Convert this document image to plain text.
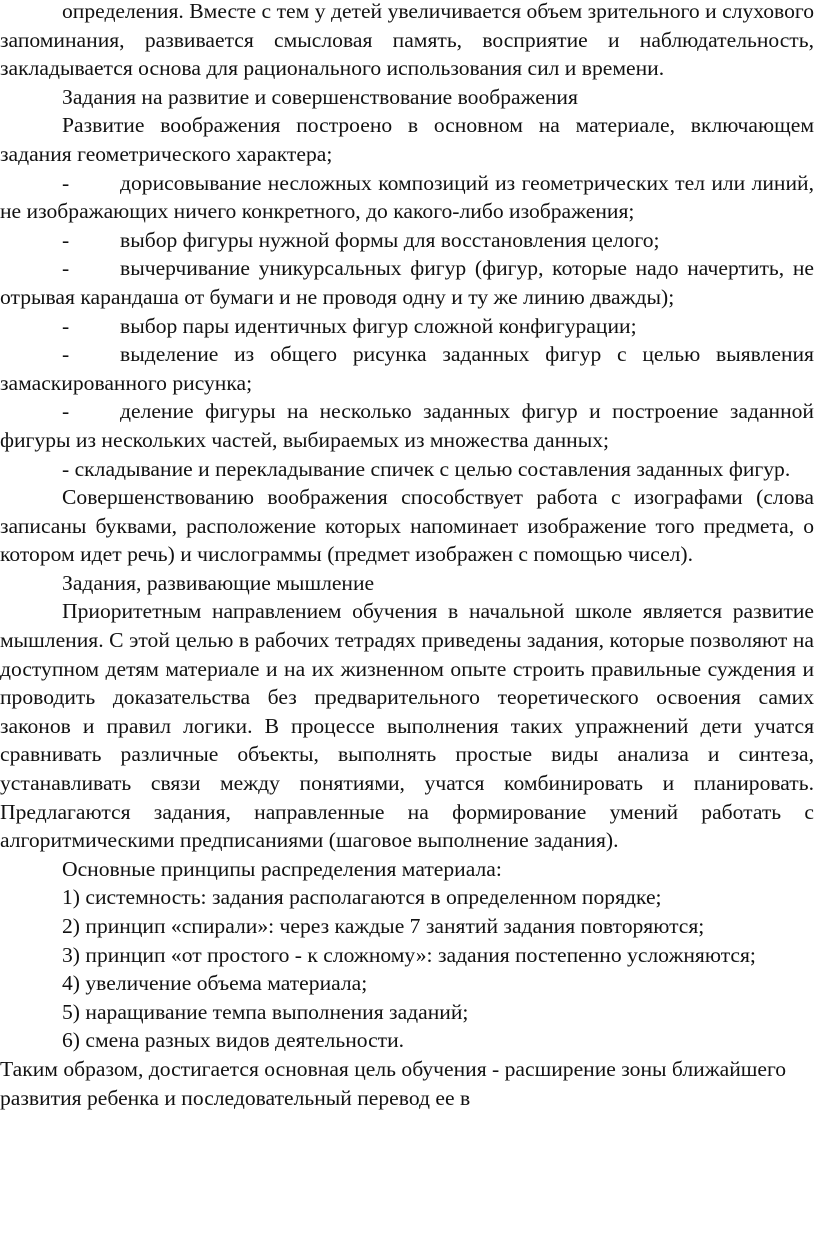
определения. Вместе с тем у детей увеличивается объем зрительного и слухового запоминания, развивается смысловая память, восприятие и наблюдательность, закладывается основа для рационального использования сил и времени.

Задания на развитие и совершенствование воображения

Развитие воображения построено в основном на материале, включающем задания геометрического характера;

- дорисовывание несложных композиций из геометрических тел или линий, не изображающих ничего конкретного, до какого-либо изображения;

- выбор фигуры нужной формы для восстановления целого;

- вычерчивание уникурсальных фигур (фигур, которые надо начертить, не отрывая карандаша от бумаги и не проводя одну и ту же линию дважды);

- выбор пары идентичных фигур сложной конфигурации;

- выделение из общего рисунка заданных фигур с целью выявления замаскированного рисунка;

- деление фигуры на несколько заданных фигур и построение заданной фигуры из нескольких частей, выбираемых из множества данных;

- складывание и перекладывание спичек с целью составления заданных фигур.

Совершенствованию воображения способствует работа с изографами (слова записаны буквами, расположение которых напоминает изображение того предмета, о котором идет речь) и числограммы (предмет изображен с помощью чисел).

Задания, развивающие мышление

Приоритетным направлением обучения в начальной школе является развитие мышления. С этой целью в рабочих тетрадях приведены задания, которые позволяют на доступном детям материале и на их жизненном опыте строить правильные суждения и проводить доказательства без предварительного теоретического освоения самих законов и правил логики. В процессе выполнения таких упражнений дети учатся сравнивать различные объекты, выполнять простые виды анализа и синтеза, устанавливать связи между понятиями, учатся комбинировать и планировать. Предлагаются задания, направленные на формирование умений работать с алгоритмическими предписаниями (шаговое выполнение задания).

Основные принципы распределения материала:

1) системность: задания располагаются в определенном порядке;

2) принцип «спирали»: через каждые 7 занятий задания повторяются;

3) принцип «от простого - к сложному»: задания постепенно усложняются;

4) увеличение объема материала;

5) наращивание темпа выполнения заданий;

6) смена разных видов деятельности.

Таким образом, достигается основная цель обучения - расширение зоны ближайшего развития ребенка и последовательный перевод ее в
